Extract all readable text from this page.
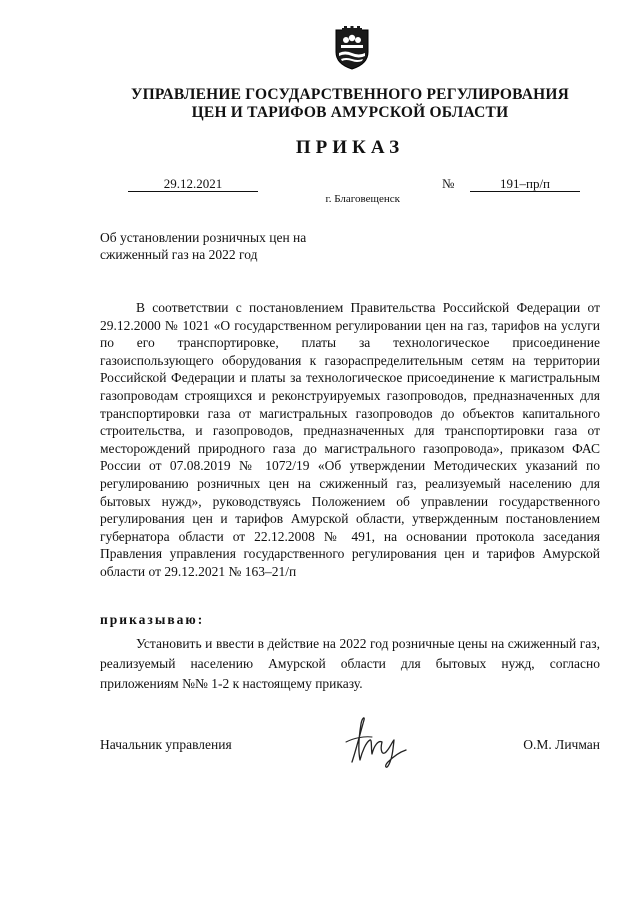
УПРАВЛЕНИЕ ГОСУДАРСТВЕННОГО РЕГУЛИРОВАНИЯ
ЦЕН И ТАРИФОВ АМУРСКОЙ ОБЛАСТИ
ПРИКАЗ
29.12.2021	№	191–пр/п
г. Благовещенск
Об установлении розничных цен на
сжиженный газ на 2022 год

В соответствии с постановлением Правительства Российской Федерации от 29.12.2000 № 1021 «О государственном регулировании цен на газ, тарифов на услуги по его транспортировке, платы за технологическое присоединение газоиспользующего оборудования к газораспределительным сетям на территории Российской Федерации и платы за технологическое присоединение к магистральным газопроводам строящихся и реконструируемых газопроводов, предназначенных для транспортировки газа от магистральных газопроводов до объектов капитального строительства, и газопроводов, предназначенных для транспортировки газа от месторождений природного газа до магистрального газопровода», приказом ФАС России от 07.08.2019 № 1072/19 «Об утверждении Методических указаний по регулированию розничных цен на сжиженный газ, реализуемый населению для бытовых нужд», руководствуясь Положением об управлении государственного регулирования цен и тарифов Амурской области, утвержденным постановлением губернатора области от 22.12.2008 № 491, на основании протокола заседания Правления управления государственного регулирования цен и тарифов Амурской области от 29.12.2021 № 163–21/п

приказываю:

Установить и ввести в действие на 2022 год розничные цены на сжиженный газ, реализуемый населению Амурской области для бытовых нужд, согласно приложениям №№ 1-2 к настоящему приказу.

Начальник управления	О.М. Личман
